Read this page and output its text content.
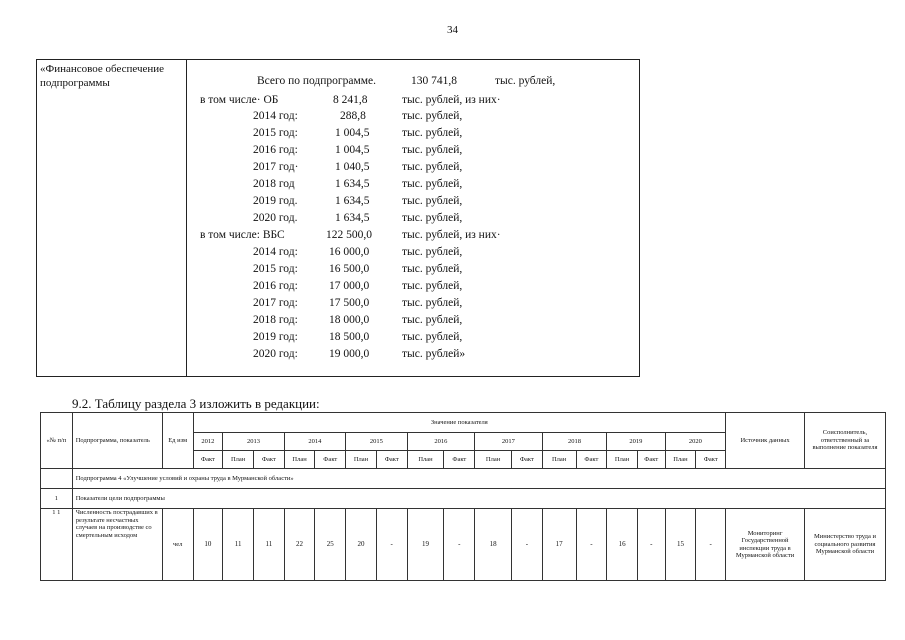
34
«Финансовое обеспечение подпрограммы	Всего по подпрограмме.	130 741,8	тыс. рублей,
в том числе· ОБ	8 241,8	тыс. рублей, из них·
2014 год:	288,8	тыс. рублей,
2015 год:	1 004,5	тыс. рублей,
2016 год:	1 004,5	тыс. рублей,
2017 год·	1 040,5	тыс. рублей,
2018 год	1 634,5	тыс. рублей,
2019 год.	1 634,5	тыс. рублей,
2020 год.	1 634,5	тыс. рублей,
в том числе: ВБС	122 500,0	тыс. рублей, из них·
2014 год:	16 000,0	тыс. рублей,
2015 год:	16 500,0	тыс. рублей,
2016 год:	17 000,0	тыс. рублей,
2017 год:	17 500,0	тыс. рублей,
2018 год:	18 000,0	тыс. рублей,
2019 год:	18 500,0	тыс. рублей,
2020 год:	19 000,0	тыс. рублей»
9.2. Таблицу раздела 3 изложить в редакции:
«№ п/п	Подпрограмма, показатель	Ед изм	Значение показателя																	Источник данных	Соисполнитель, ответственный за выполнение показателя
			2012	2013		2014		2015		2016		2017		2018		2019		2020			
			Факт	План	Факт	План	Факт	План	Факт	План	Факт	План	Факт	План	Факт	План	Факт	План	Факт		
	Подпрограмма 4 «Улучшение условий и охраны труда в Мурманской области»																				
1	Показатели цели подпрограммы																				
1 1	Численность пострадавших в результате несчастных случаев на производстве со смертельным исходом	чел	10	11	11	22	25	20	-	19	-	18	-	17	-	16	-	15	-	Мониторинг Государственной инспекции труда в Мурманской области	Министерство труда и социального развития Мурманской области
